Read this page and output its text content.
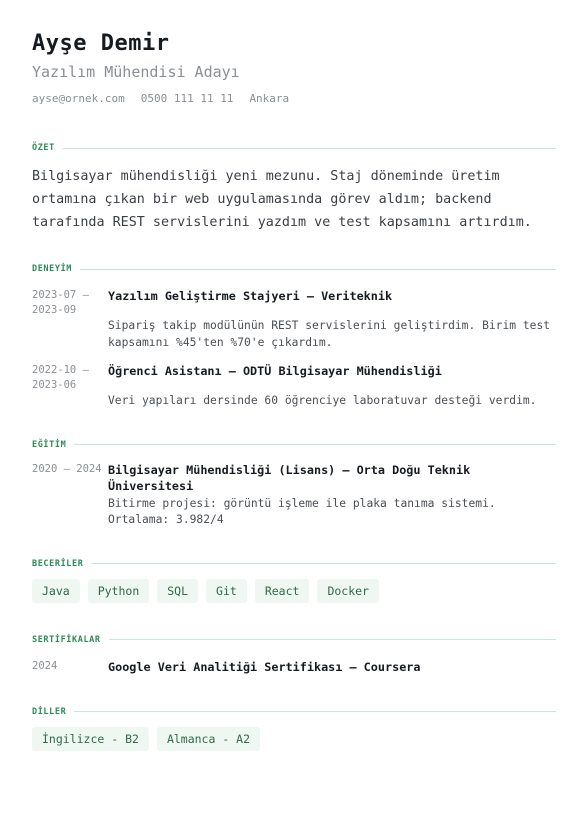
Ayşe Demir
Yazılım Mühendisi Adayı
ayse@ornek.com 0500 111 11 11 Ankara
ÖZET
Bilgisayar mühendisliği yeni mezunu. Staj döneminde üretim ortamına çıkan bir web uygulamasında görev aldım; backend tarafında REST servislerini yazdım ve test kapsamını artırdım.
DENEYİM
2023-07 – 2023-09
Yazılım Geliştirme Stajyeri — Veriteknik
Sipariş takip modülünün REST servislerini geliştirdim. Birim test kapsamını %45'ten %70'e çıkardım.
2022-10 – 2023-06
Öğrenci Asistanı — ODTÜ Bilgisayar Mühendisliği
Veri yapıları dersinde 60 öğrenciye laboratuvar desteği verdim.
EĞİTİM
2020 – 2024 Bilgisayar Mühendisliği (Lisans) — Orta Doğu Teknik Üniversitesi
Bitirme projesi: görüntü işleme ile plaka tanıma sistemi. Ortalama: 3.982/4
BECERİLER
Java	Python	SQL	Git	React	Docker
SERTİFİKALAR
2024	Google Veri Analitiği Sertifikası — Coursera
DİLLER
İngilizce - B2	Almanca - A2
